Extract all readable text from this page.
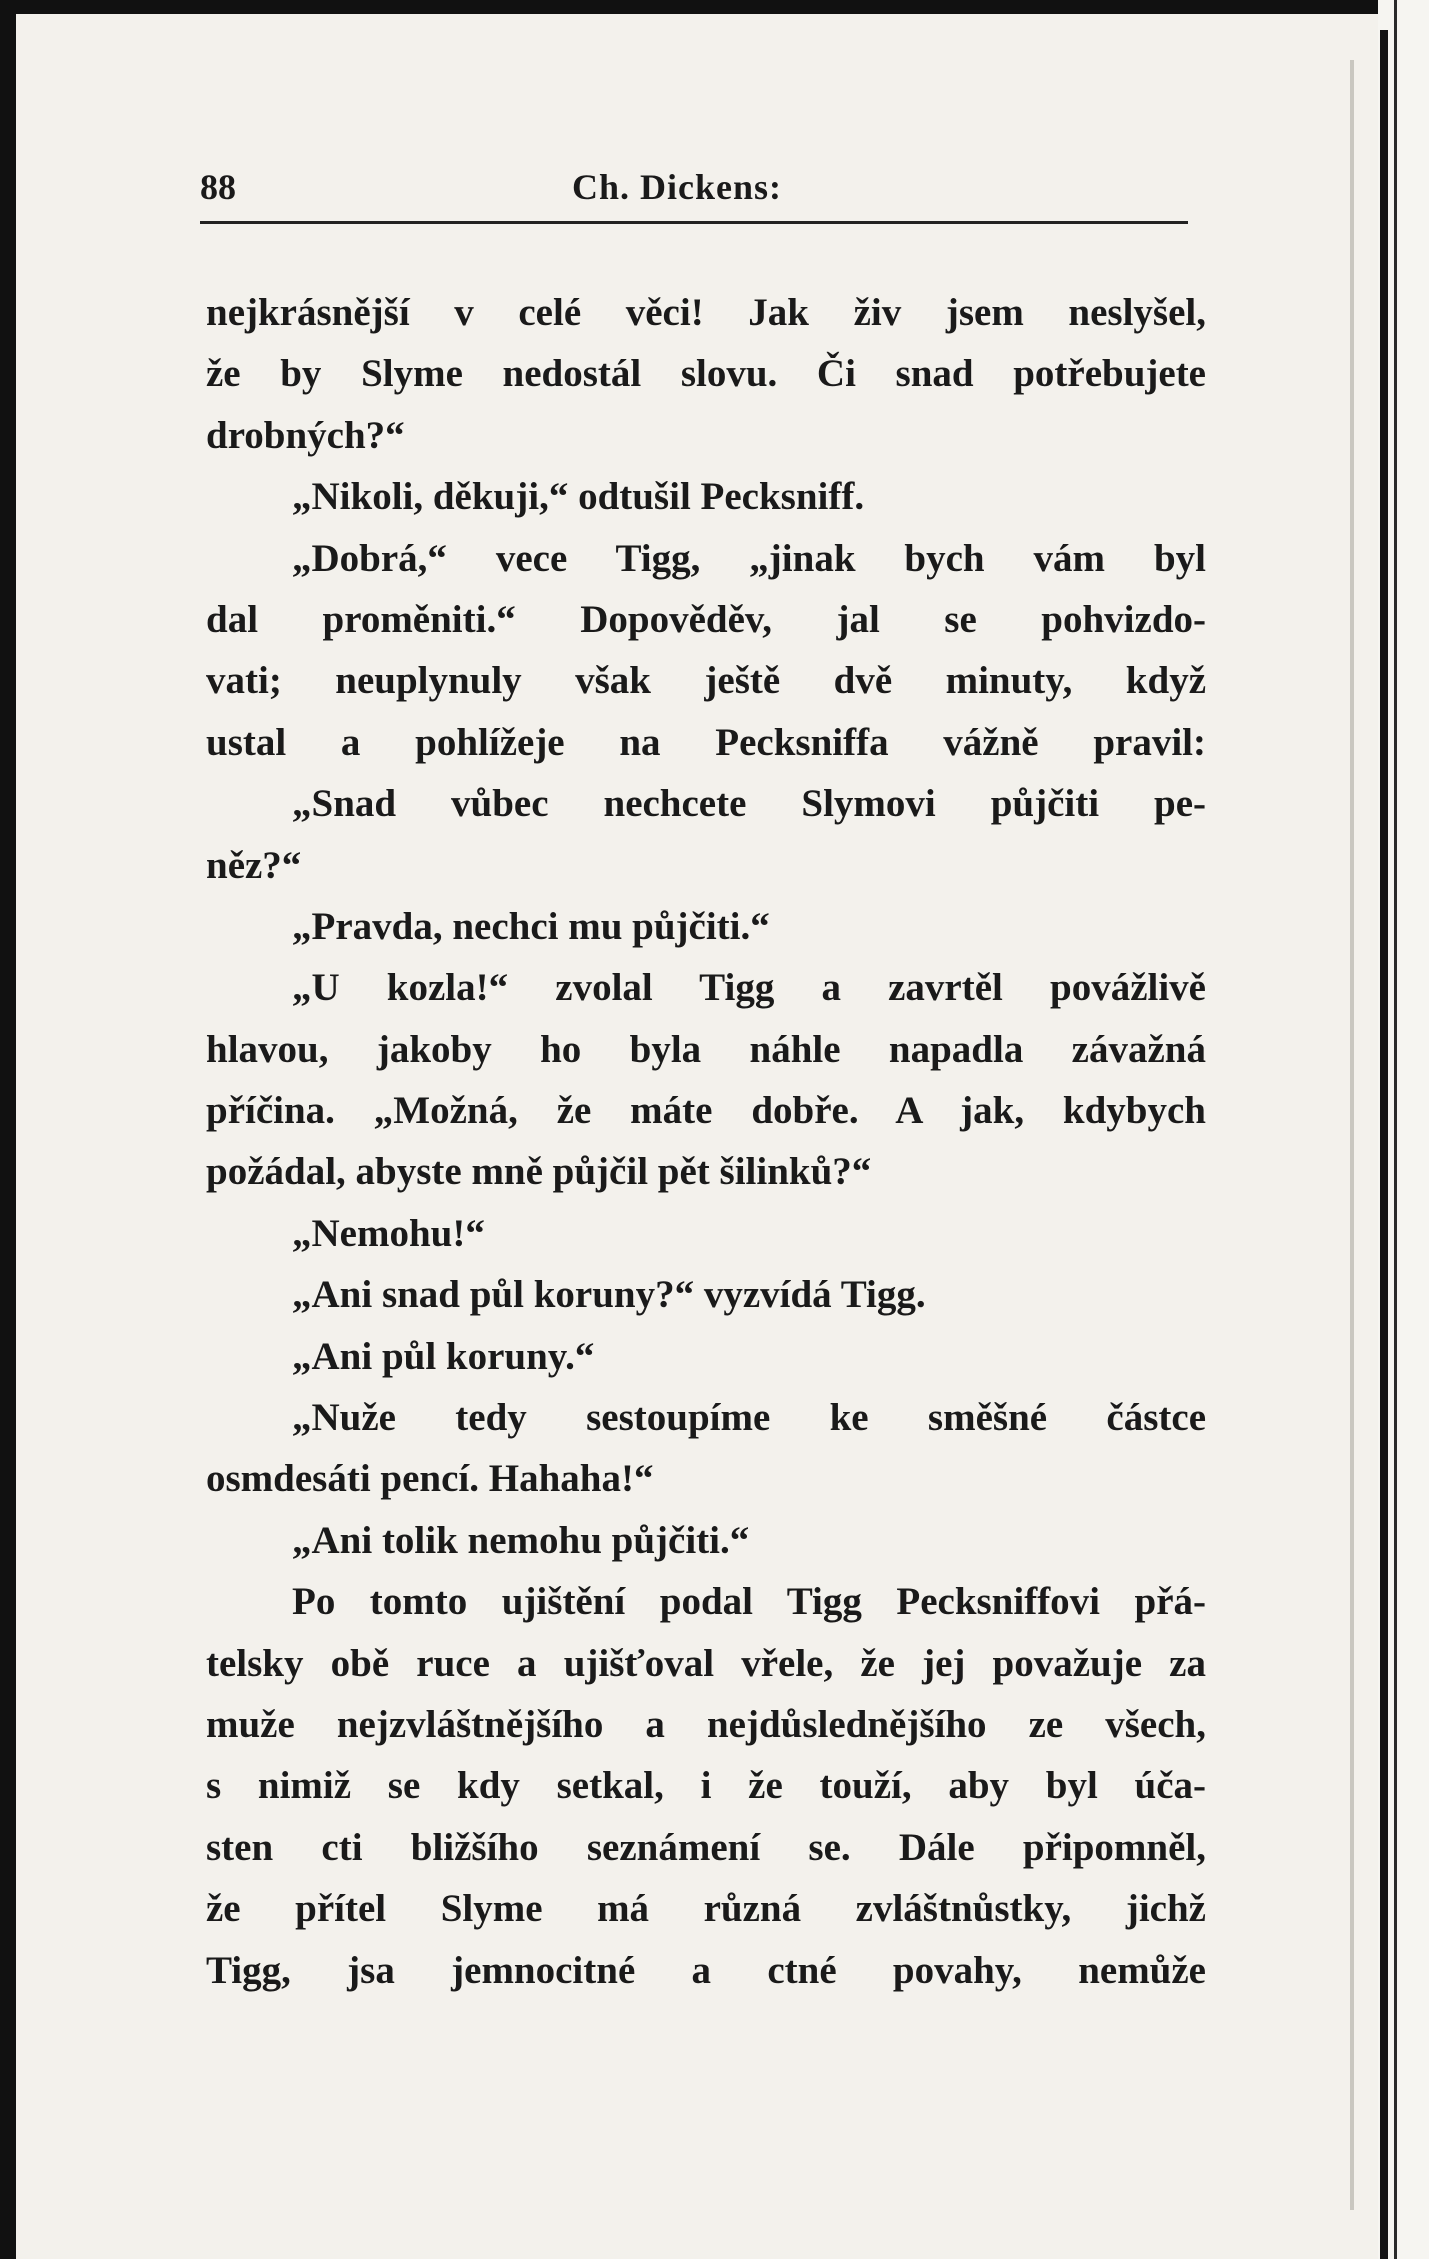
88	Ch. Dickens:
nejkrásnější v celé věci! Jak živ jsem neslyšel,
že by Slyme nedostál slovu. Či snad potřebujete
drobných?“
„Nikoli, děkuji,“ odtušil Pecksniff.
„Dobrá,“ vece Tigg, „jinak bych vám byl
dal proměniti.“ Dopověděv, jal se pohvizdo-
vati; neuplynuly však ještě dvě minuty, když
ustal a pohlížeje na Pecksniffa vážně pravil:
„Snad vůbec nechcete Slymovi půjčiti pe-
něz?“
„Pravda, nechci mu půjčiti.“
„U kozla!“ zvolal Tigg a zavrtěl povážlivě
hlavou, jakoby ho byla náhle napadla závažná
příčina. „Možná, že máte dobře. A jak, kdybych
požádal, abyste mně půjčil pět šilinků?“
„Nemohu!“
„Ani snad půl koruny?“ vyzvídá Tigg.
„Ani půl koruny.“
„Nuže tedy sestoupíme ke směšné částce
osmdesáti pencí. Hahaha!“
„Ani tolik nemohu půjčiti.“
Po tomto ujištění podal Tigg Pecksniffovi přá-
telsky obě ruce a ujišťoval vřele, že jej považuje za
muže nejzvláštnějšího a nejdůslednějšího ze všech,
s nimiž se kdy setkal, i že touží, aby byl úča-
sten cti bližšího seznámení se. Dále připomněl,
že přítel Slyme má různá zvláštnůstky, jichž
Tigg, jsa jemnocitné a ctné povahy, nemůže
